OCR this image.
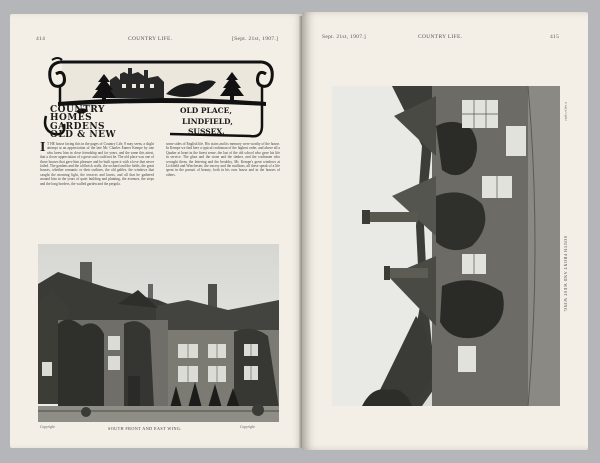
414	COUNTRY LIFE.	[Sept. 21st, 1907.]
COUNTRY
HOMES
GARDENS
OLD & NEW
OLD PLACE,
LINDFIELD,
SUSSEX.
I T HE house facing this in the pages of Country Life, 8 may seem, a slight attempt at an appreciation of the late Mr. Charles Eamer Kempe by one who knew him in close friendship and for years, and the same this attest, that a closer appreciation of a great soul could not be. The old place was one of those houses that gave him pleasure and he built upon it with a love that never failed. The gardens and the old brick walls, the orchard and the fields, the great houses, whether romantic or their outlines, the old gables, the windows that caught the morning light, the terraces and lawns, and all that he gathered around him in the years of quiet building and planting, the avenues, the steps and the long borders, the walled garden and the pergola.
some sides of English life. His stairs and its memory were worthy of the house. In Kempe we find here a typical craftsman of the highest order, and above all a Quaker at heart in the finest sense, the last of the old school who gave his life in service. The glass and the stone and the timber, and the craftsmen who wrought them, the lettering and the heraldry, Mr. Kempe's great windows at Lichfield and Winchester, the tracery and the mullions, all these speak of a life spent in the pursuit of beauty, both in his own house and in the houses of others.
Copyright	SOUTH FRONT AND EAST WING.	Copyright
Sept. 21st, 1907.]	COUNTRY LIFE.	415
SOUTH FRONT AND WEST WING.
Copyright
